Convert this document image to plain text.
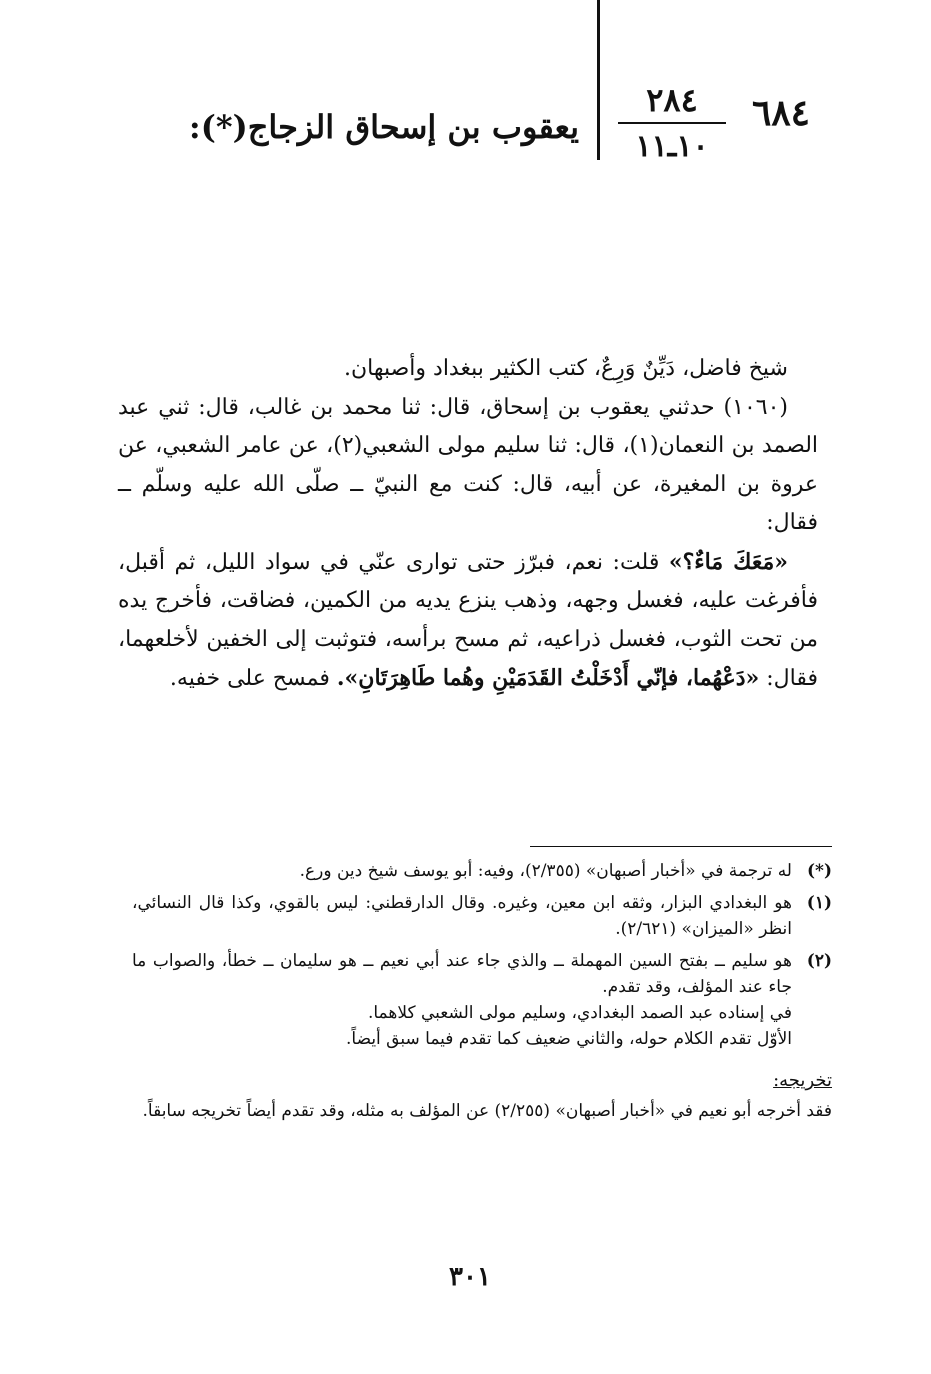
٦٨٤
٢٨٤
١٠ـ١١
يعقوب بن إسحاق الزجاج(*):

شيخ فاضل، دَيِّنٌ وَرِعٌ، كتب الكثير ببغداد وأصبهان.

(١٠٦٠) حدثني يعقوب بن إسحاق، قال: ثنا محمد بن غالب، قال: ثني عبد الصمد بن النعمان(١)، قال: ثنا سليم مولى الشعبي(٢)، عن عامر الشعبي، عن عروة بن المغيرة، عن أبيه، قال: كنت مع النبيّ ــ صلّى الله عليه وسلّم ــ فقال:

«مَعَكَ مَاءٌ؟» قلت: نعم، فبرّز حتى توارى عنّي في سواد الليل، ثم أقبل، فأفرغت عليه، فغسل وجهه، وذهب ينزع يديه من الكمين، فضاقت، فأخرج يده من تحت الثوب، فغسل ذراعيه، ثم مسح برأسه، فتوثبت إلى الخفين لأخلعهما، فقال: «دَعْهُما، فإنّي أَدْخَلْتُ القَدَمَيْنِ وهُما طَاهِرَتَانِ». فمسح على خفيه.

(*)

له ترجمة في «أخبار أصبهان» (٢/٣٥٥)، وفيه: أبو يوسف شيخ دين ورع.

(١)

هو البغدادي البزار، وثقه ابن معين، وغيره. وقال الدارقطني: ليس بالقوي، وكذا قال النسائي، انظر «الميزان» (٢/٦٢١).

(٢)

هو سليم ــ بفتح السين المهملة ــ والذي جاء عند أبي نعيم ــ هو سليمان ــ خطأ، والصواب ما جاء عند المؤلف، وقد تقدم.

في إسناده عبد الصمد البغدادي، وسليم مولى الشعبي كلاهما.

الأوّل تقدم الكلام حوله، والثاني ضعيف كما تقدم فيما سبق أيضاً.

تخريجه:
فقد أخرجه أبو نعيم في «أخبار أصبهان» (٢/٢٥٥) عن المؤلف به مثله، وقد تقدم أيضاً تخريجه سابقاً.
٣٠١
